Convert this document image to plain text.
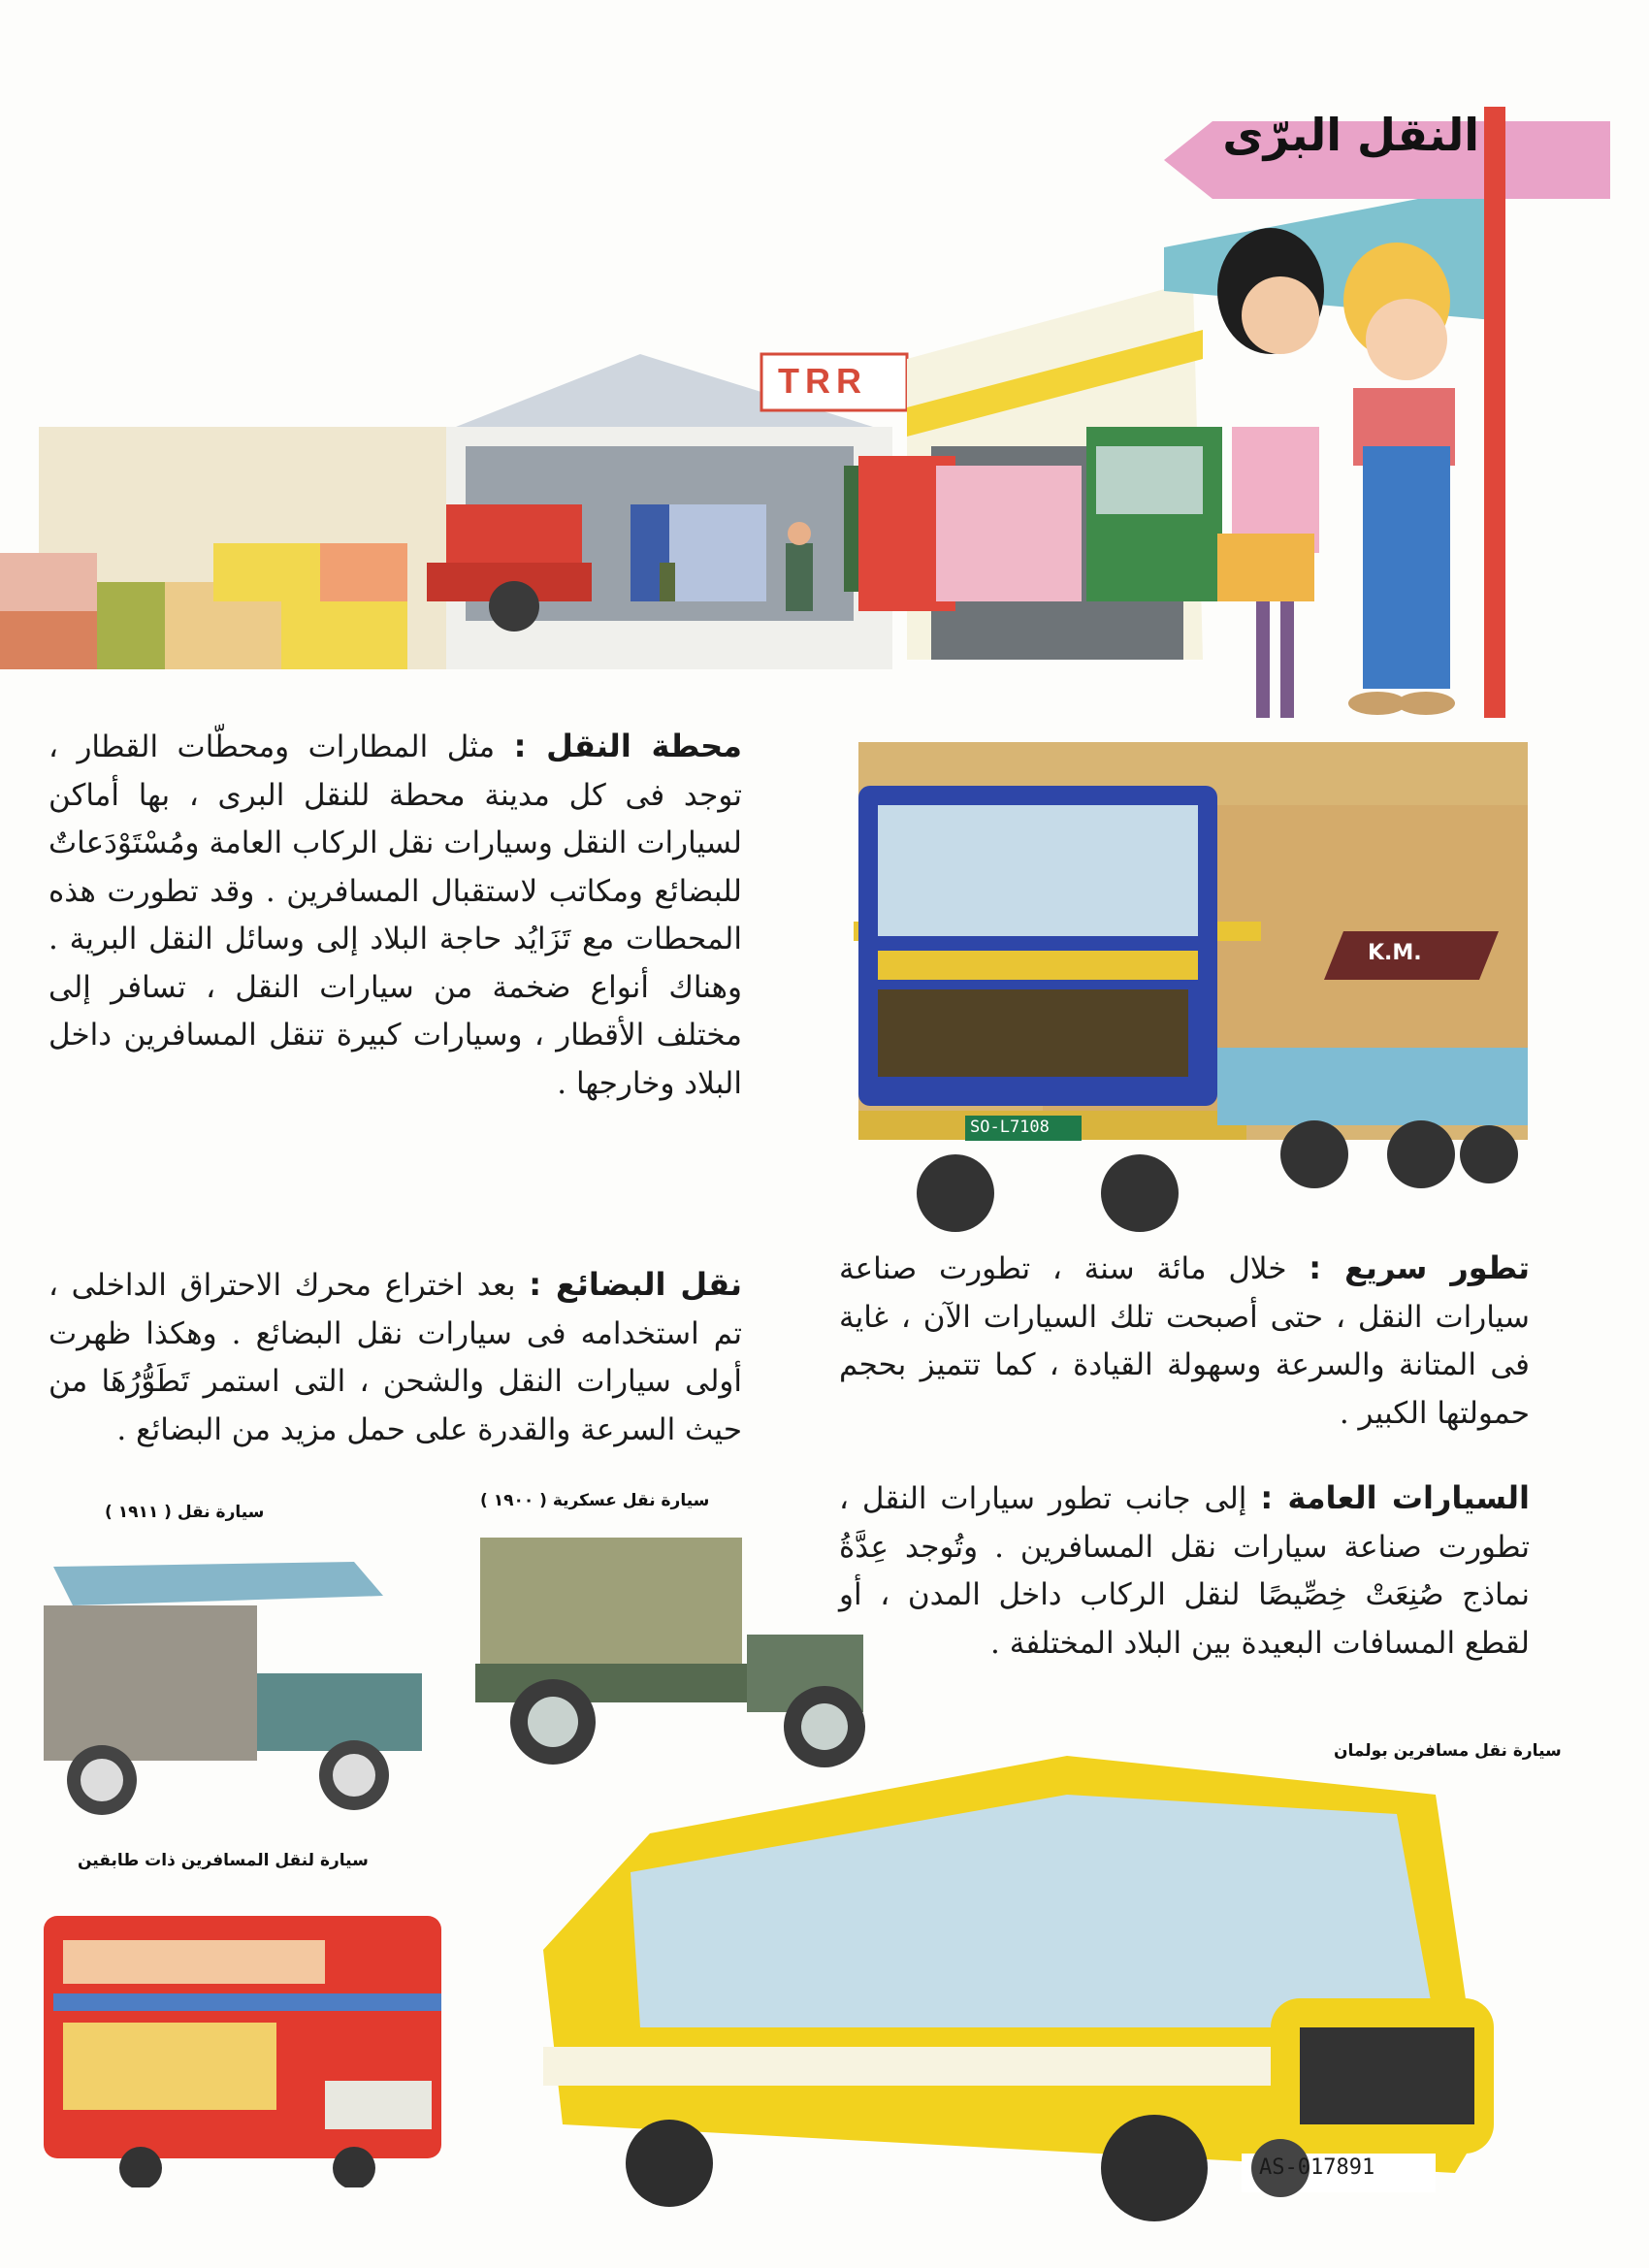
النقل البرّى
TRR
K.M.
SO-L7108
محطة النقل : مثل المطارات ومحطّات القطار ، توجد فى كل مدينة محطة للنقل البرى ، بها أماكن لسيارات النقل وسيارات نقل الركاب العامة ومُسْتَوْدَعاتٌ للبضائع ومكاتب لاستقبال المسافرين . وقد تطورت هذه المحطات مع تَزَايُد حاجة البلاد إلى وسائل النقل البرية . وهناك أنواع ضخمة من سيارات النقل ، تسافر إلى مختلف الأقطار ، وسيارات كبيرة تنقل المسافرين داخل البلاد وخارجها .
تطور سريع : خلال مائة سنة ، تطورت صناعة سيارات النقل ، حتى أصبحت تلك السيارات الآن ، غاية فى المتانة والسرعة وسهولة القيادة ، كما تتميز بحجم حمولتها الكبير .
نقل البضائع : بعد اختراع محرك الاحتراق الداخلى ، تم استخدامه فى سيارات نقل البضائع . وهكذا ظهرت أولى سيارات النقل والشحن ، التى استمر تَطَوُّرُهَا من حيث السرعة والقدرة على حمل مزيد من البضائع .
السيارات العامة : إلى جانب تطور سيارات النقل ، تطورت صناعة سيارات نقل المسافرين . وتُوجد عِدَّةُ نماذج صُنِعَتْ خِصِّيصًا لنقل الركاب داخل المدن ، أو لقطع المسافات البعيدة بين البلاد المختلفة .
سيارة نقل ( ١٩١١ )
سيارة نقل عسكرية ( ١٩٠٠ )
سيارة لنقل المسافرين ذات طابقين
سيارة نقل مسافرين بولمان
AS-017891
